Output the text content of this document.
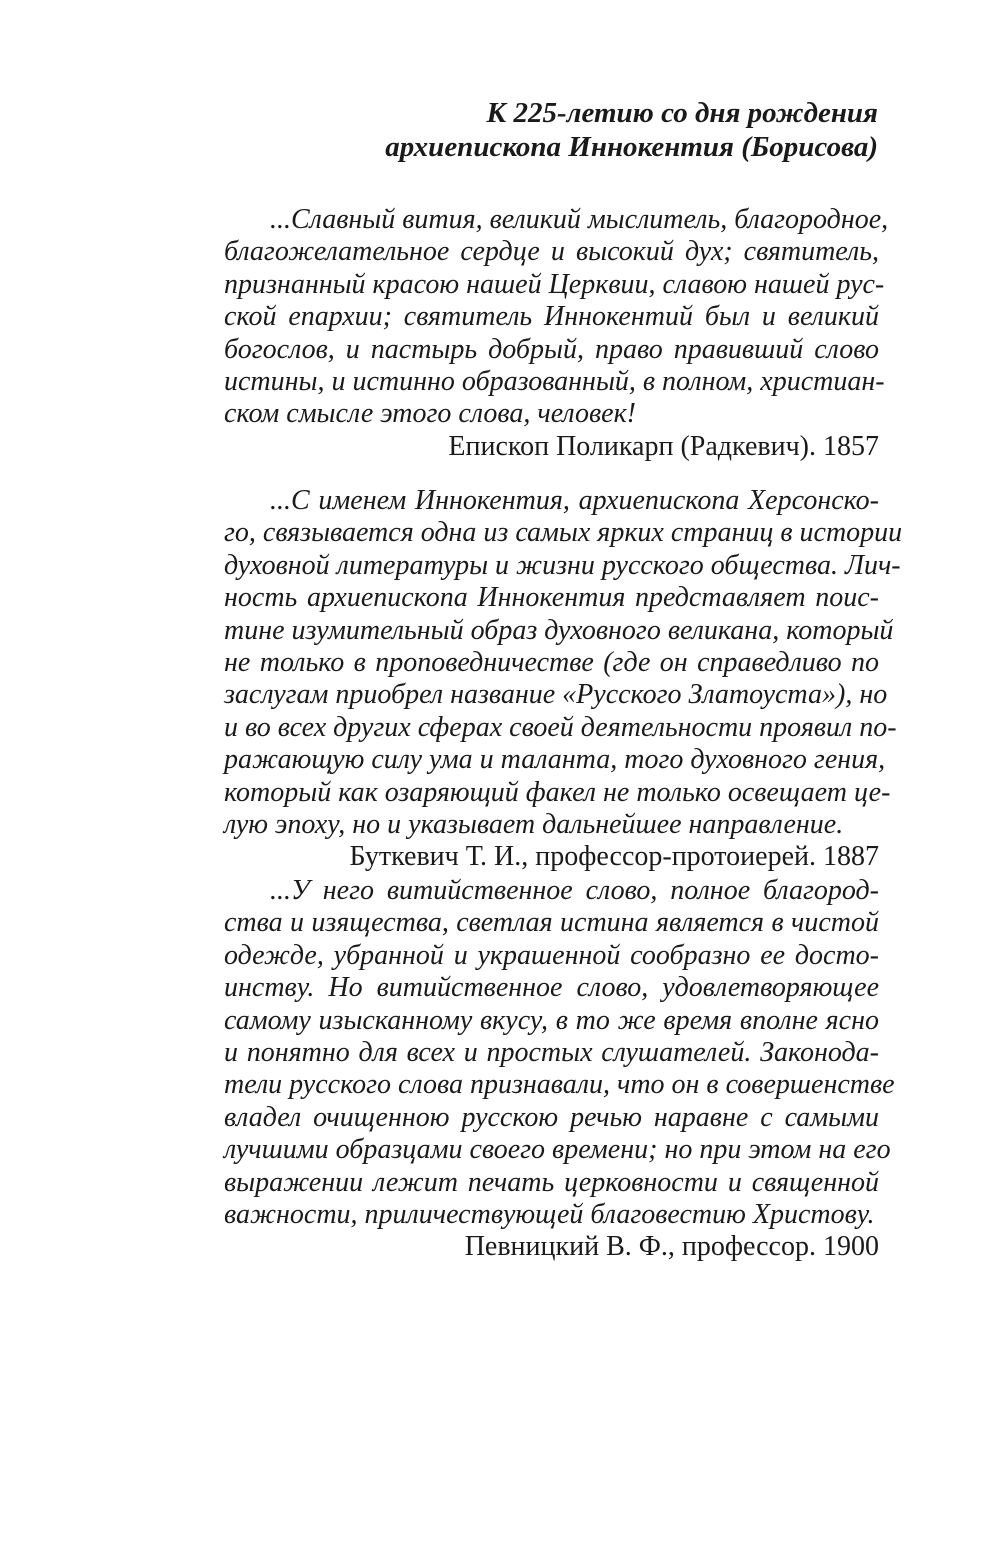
К 225-летию со дня рождения
архиепископа Иннокентия (Борисова)
...Славный вития, великий мыслитель, благородное,
благожелательное сердце и высокий дух; святитель,
признанный красою нашей Церквии, славою нашей рус-
ской епархии; святитель Иннокентий был и великий
богослов, и пастырь добрый, право правивший слово
истины, и истинно образованный, в полном, христиан-
ском смысле этого слова, человек!
Епископ Поликарп (Радкевич). 1857
...С именем Иннокентия, архиепископа Херсонско-
го, связывается одна из самых ярких страниц в истории
духовной литературы и жизни русского общества. Лич-
ность архиепископа Иннокентия представляет поис-
тине изумительный образ духовного великана, который
не только в проповедничестве (где он справедливо по
заслугам приобрел название «Русского Златоуста»), но
и во всех других сферах своей деятельности проявил по-
ражающую силу ума и таланта, того духовного гения,
который как озаряющий факел не только освещает це-
лую эпоху, но и указывает дальнейшее направление.
Буткевич Т. И., профессор-протоиерей. 1887
...У него витийственное слово, полное благород-
ства и изящества, светлая истина является в чистой
одежде, убранной и украшенной сообразно ее досто-
инству. Но витийственное слово, удовлетворяющее
самому изысканному вкусу, в то же время вполне ясно
и понятно для всех и простых слушателей. Законода-
тели русского слова признавали, что он в совершенстве
владел очищенною русскою речью наравне с самыми
лучшими образцами своего времени; но при этом на его
выражении лежит печать церковности и священной
важности, приличествующей благовестию Христову.
Певницкий В. Ф., профессор. 1900
